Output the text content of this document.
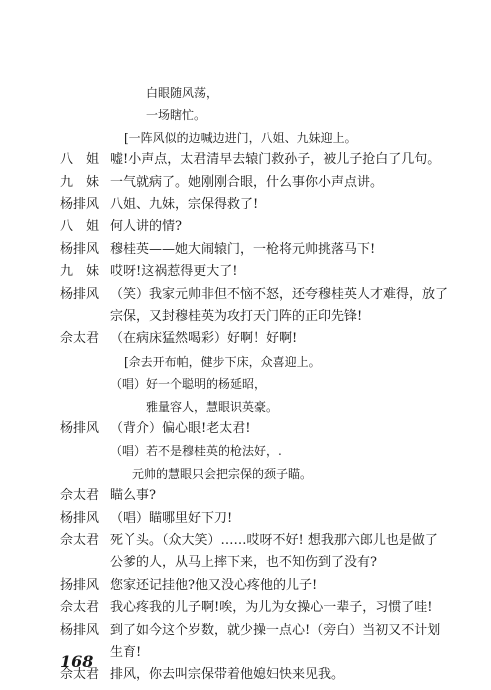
白眼随风荡，
一场瞎忙。
[一阵风似的边喊边进门，八姐、九妹迎上。
八　姐 嘘!小声点，太君清早去辕门救孙子，被儿子抢白了几句。
九　妹 一气就病了。她刚刚合眼，什么事你小声点讲。
杨排风 八姐、九妹，宗保得救了!
八　姐 何人讲的情?
杨排风 穆桂英——她大闹辕门，一枪将元帅挑落马下!
九　妹 哎呀!这祸惹得更大了!
杨排风 （笑）我家元帅非但不恼不怒，还夸穆桂英人才难得，放了
宗保，又封穆桂英为攻打天门阵的正印先锋!
佘太君 （在病床猛然喝彩）好啊！好啊!
[佘去开布帕，健步下床，众喜迎上。
（唱）好一个聪明的杨延昭，
雅量容人，慧眼识英豪。
杨排风 （背介）偏心眼!老太君!
（唱）若不是穆桂英的枪法好，.
元帅的慧眼只会把宗保的颈子瞄。
佘太君 瞄么事?
杨排风 （唱）瞄哪里好下刀!
佘太君 死丫头。（众大笑）……哎呀不好! 想我那六郎儿也是做了
公爹的人，从马上摔下来，也不知伤到了没有?
扬排风 您家还记挂他?他又没心疼他的儿子!
佘太君 我心疼我的儿子啊!唉，为儿为女操心一辈子，习惯了哇!
杨排风 到了如今这个岁数，就少操一点心!（旁白）当初又不计划
生育!
佘太君 排风，你去叫宗保带着他媳妇快来见我。
168
